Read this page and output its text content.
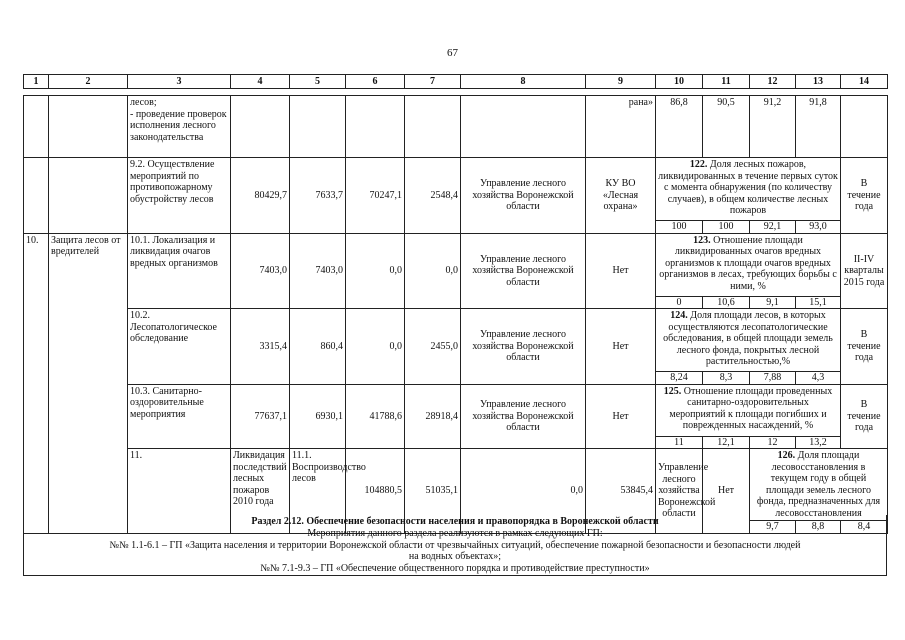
67
1	2	3	4	5	6	7	8	9	10	11	12	13	14
		лесов;
- проведение проверок исполнения лесного законодательства						рана»	86,8	90,5	91,2	91,8		
		9.2. Осуществление мероприятий по противопожарному обустройству лесов	80429,7	7633,7	70247,1	2548,4	Управление лесного хозяйства Воронежской области	КУ ВО «Лесная охрана»	122. Доля лесных пожаров, ликвидированных в течение первых суток с момента обнаружения (по количеству случаев), в общем количестве лесных пожаров				В течение года	
									100	100	92,1	93,0		
10.	Защита лесов от вредителей	10.1. Локализация и ликвидация очагов вредных организмов	7403,0	7403,0	0,0	0,0	Управление лесного хозяйства Воронежской области	Нет	123. Отношение площади ликвидированных очагов вредных организмов к площади очагов вредных организмов в лесах, требующих борьбы с ними, %				II-IV кварталы 2015 года	
									0	10,6	9,1	15,1		
		10.2. Лесопатологическое обследование	3315,4	860,4	0,0	2455,0	Управление лесного хозяйства Воронежской области	Нет	124. Доля площади лесов, в которых осуществляются лесопатологические обследования, в общей площади земель лесного фонда, покрытых лесной растительностью,%				В течение года	
									8,24	8,3	7,88	4,3		
		10.3. Санитарно-оздоровительные мероприятия	77637,1	6930,1	41788,6	28918,4	Управление лесного хозяйства Воронежской области	Нет	125. Отношение площади проведенных санитарно-оздоровительных мероприятий к площади погибших и поврежденных насаждений, %				В течение года	
									11	12,1	12	13,2		
		11.	Ликвидация последствий лесных пожаров 2010 года	11.1. Воспроизводство лесов	104880,5	51035,1	0,0	53845,4	Управление лесного хозяйства Воронежской области	Нет	126. Доля площади лесовосстановления в текущем году в общей площади земель лесного фонда, предназначенных для лесовосстановления	
											9,7	8,8	8,4	

Раздел 2.12. Обеспечение безопасности населения и правопорядка в Воронежской области

Мероприятия данного раздела реализуются в рамках следующих ГП:

№№ 1.1-6.1 – ГП «Защита населения и территории Воронежской области от чрезвычайных ситуаций, обеспечение пожарной безопасности и безопасности людей

на водных объектах»;

№№ 7.1-9.3 – ГП «Обеспечение общественного порядка и противодействие преступности»
